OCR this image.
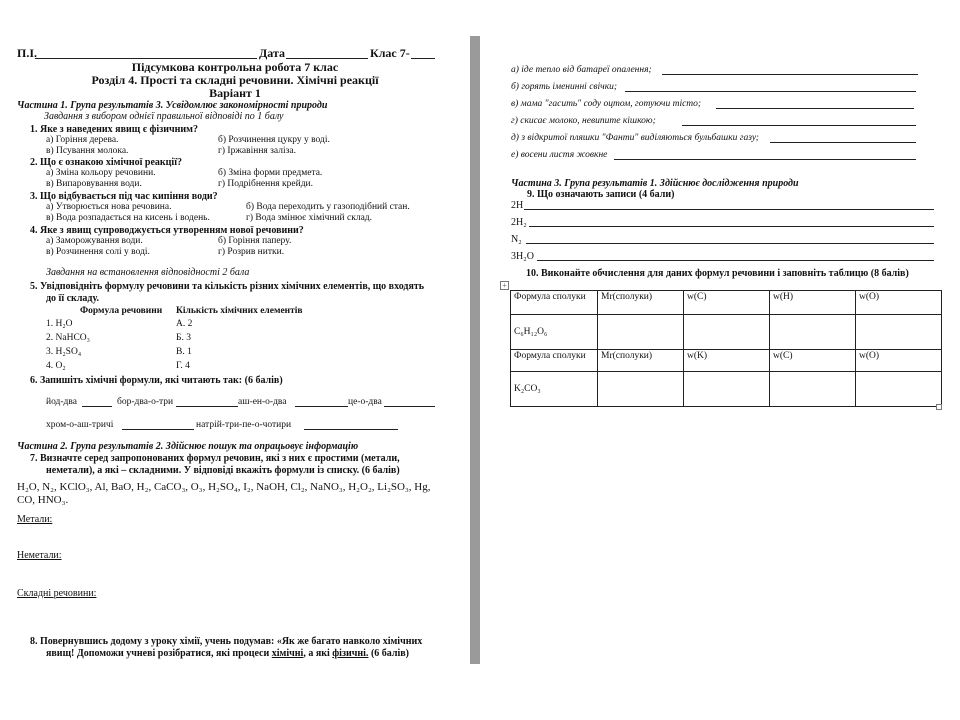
П.І.	Дата	Клас 7-
Підсумкова контрольна робота 7 клас
Розділ 4. Прості та складні речовини. Хімічні реакції
Варіант 1
Частина 1. Група результатів 3. Усвідомлює закономірності природи
Завдання з вибором однієї правильної відповіді по 1 балу
1. Яке з наведених явищ є фізичним?
а) Горіння дерева.	б) Розчинення цукру у воді.
в) Псування молока.	г) Іржавіння заліза.
2. Що є ознакою хімічної реакції?
а) Зміна кольору речовини.	б) Зміна форми предмета.
в) Випаровування води.	г) Подрібнення крейди.
3. Що відбувається під час кипіння води?
а) Утворюється нова речовина.	б) Вода переходить у газоподібний стан.
в) Вода розпадається на кисень і водень.	г) Вода змінює хімічний склад.
4. Яке з явищ супроводжується утворенням нової речовини?
а) Заморожування води.	б) Горіння паперу.
в) Розчинення солі у воді.	г) Розрив нитки.
Завдання на встановлення відповідності 2 бала
5. Увідповідніть формулу речовини та кількість різних хімічних елементів, що входять
до її складу.
Формула речовини Кількість хімічних елементів
1. H₂O	А. 2
2. NaHCO₃	Б. 3
3. H₂SO₄	В. 1
4. O₂	Г. 4
6. Запишіть хімічні формули, які читають так: (6 балів)
йод-два	бор-два-о-три	аш-ен-о-два	це-о-два
хром-о-аш-тричі	натрій-три-пе-о-чотири
Частина 2. Група результатів 2. Здійснює пошук та опрацьовує інформацію
7. Визначте серед запропонованих формул речовин, які з них є простими (метали,
неметали), а які – складними. У відповіді вкажіть формули із списку. (6 балів)
H₂O, N₂, KClO₃, Al, BaO, H₂, CaCO₃, O₃, H₂SO₄, I₂, NaOH, Cl₂, NaNO₃, H₂O₂, Li₂SO₃, Hg,
CO, HNO₃.
Метали:
Неметали:
Складні речовини:
8. Повернувшись додому з уроку хімії, учень подумав: «Як же багато навколо хімічних
явищ! Допоможи учневі розібратися, які процеси хімічні, а які фізичні. (6 балів)
а) іде тепло від батареї опалення;
б) горять іменинні свічки;
в) мама "гасить" соду оцтом, готуючи тісто;
г) скисає молоко, невипите кішкою;
д) з відкритої пляшки "Фанти" виділяються бульбашки газу;
е) восени листя жовкне
Частина 3. Група результатів 1. Здійснює дослідження природи
9. Що означають записи (4 бали)
2H
2H₂
N₂
3H₂O
10. Виконайте обчислення для даних формул речовини і заповніть таблицю (8 балів)
+
Формула сполуки	Mr(сполуки)	w(C)	w(H)	w(O)
C₆H₁₂O₆				
Формула сполуки	Mr(сполуки)	w(K)	w(C)	w(O)
K₂CO₃				
